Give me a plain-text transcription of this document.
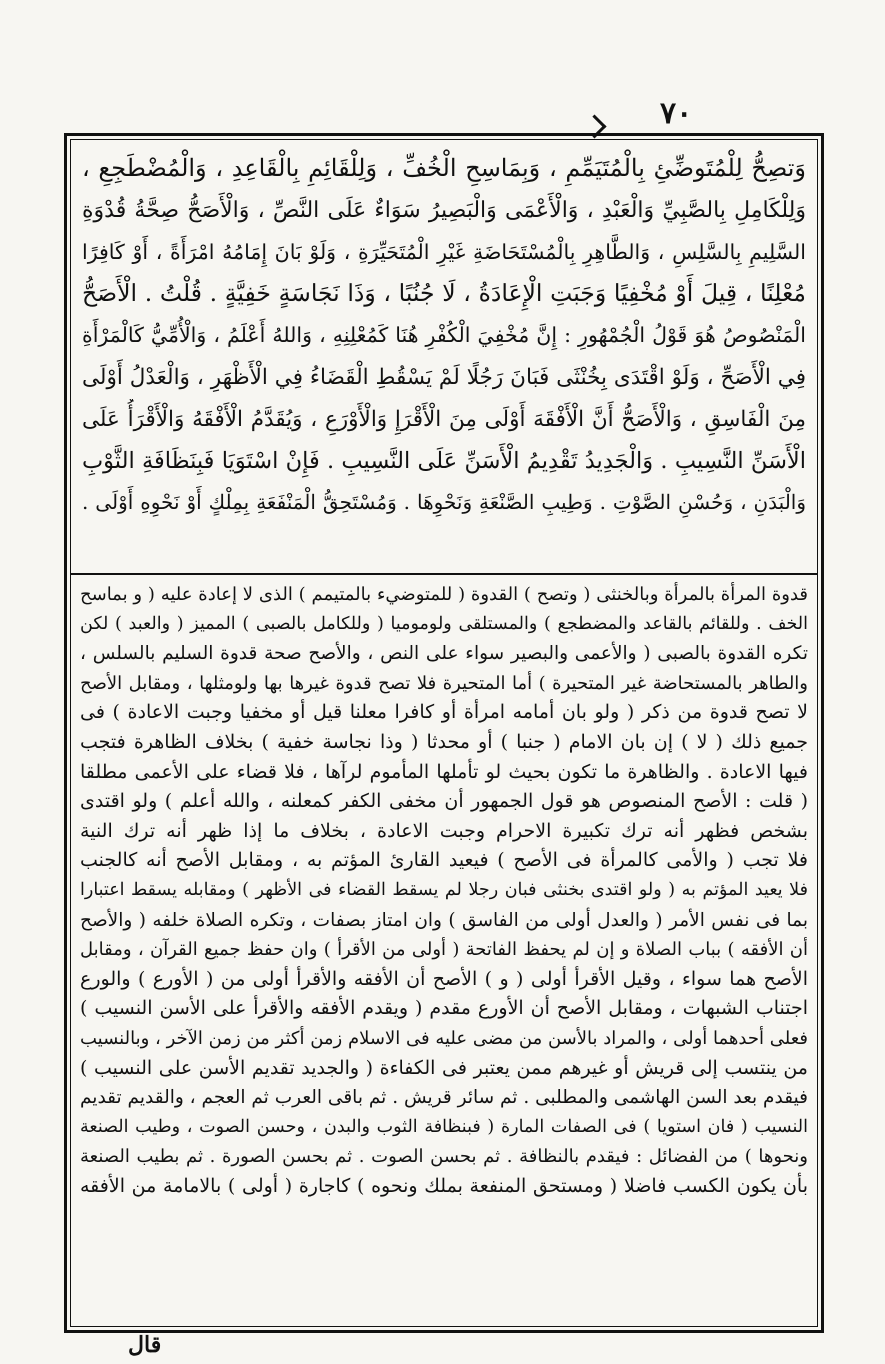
٧٠
وَتصِحُّ لِلْمُتَوضِّئِ بِالْمُتَيَمِّمِ ، وَبِمَاسِحِ الْخُفِّ ، وَلِلْقَائِمِ بِالْقَاعِدِ ، وَالْمُضْطَجِعِ ،
وَلِلْكَامِلِ بِالصَّبِيِّ وَالْعَبْدِ ، وَالْأَعْمَى وَالْبَصِيرُ سَوَاءٌ عَلَى النَّصِّ ، وَالْأَصَحُّ صِحَّةُ قُدْوَةِ
السَّلِيمِ بِالسَّلِسِ ، وَالطَّاهِرِ بِالْمُسْتَحَاضَةِ غَيْرِ الْمُتَحَيِّرَةِ ، وَلَوْ بَانَ إِمَامُهُ امْرَأَةً ، أَوْ كَافِرًا
مُعْلِنًا ، قِيلَ أَوْ مُخْفِيًا وَجَبَتِ الْإِعَادَةُ ، لَا جُنُبًا ، وَذَا نَجَاسَةٍ خَفِيَّةٍ . قُلْتُ . الْأَصَحُّ
الْمَنْصُوصُ هُوَ قَوْلُ الْجُمْهُورِ : إِنَّ مُخْفِيَ الْكُفْرِ هُنَا كَمُعْلِنِهِ ، وَاللهُ أَعْلَمُ ، وَالْأُمِّيُّ كَالْمَرْأَةِ
فِي الْأَصَحِّ ، وَلَوْ اقْتَدَى بِخُنْثَى فَبَانَ رَجُلًا لَمْ يَسْقُطِ الْقَضَاءُ فِي الْأَظْهَرِ ، وَالْعَدْلُ أَوْلَى
مِنَ الْفَاسِقِ ، وَالْأَصَحُّ أَنَّ الْأَفْقَهَ أَوْلَى مِنَ الْأَقْرَإِ وَالْأَوْرَعِ ، وَيُقَدَّمُ الْأَفْقَهُ وَالْأَقْرَأُ عَلَى
الْأَسَنِّ النَّسِيبِ . وَالْجَدِيدُ تَقْدِيمُ الْأَسَنِّ عَلَى النَّسِيبِ . فَإِنْ اسْتَوَيَا فَبِنَظَافَةِ الثَّوْبِ
وَالْبَدَنِ ، وَحُسْنِ الصَّوْتِ . وَطِيبِ الصَّنْعَةِ وَنَحْوِهَا . وَمُسْتَحِقُّ الْمَنْفَعَةِ بِمِلْكٍ أَوْ نَحْوِهِ أَوْلَى .
قدوة المرأة بالمرأة وبالخنثى ( وتصح ) القدوة ( للمتوضيء بالمتيمم ) الذى لا إعادة عليه ( و بماسح
الخف . وللقائم بالقاعد والمضطجع ) والمستلقى ولوموميا ( وللكامل بالصبى ) المميز ( والعبد ) لكن
تكره القدوة بالصبى ( والأعمى والبصير سواء على النص ، والأصح صحة قدوة السليم بالسلس ،
والطاهر بالمستحاضة غير المتحيرة ) أما المتحيرة فلا تصح قدوة غيرها بها ولومثلها ، ومقابل الأصح
لا تصح قدوة من ذكر ( ولو بان أمامه امرأة أو كافرا معلنا قيل أو مخفيا وجبت الاعادة ) فى
جميع ذلك ( لا ) إن بان الامام ( جنبا ) أو محدثا ( وذا نجاسة خفية ) بخلاف الظاهرة فتجب
فيها الاعادة . والظاهرة ما تكون بحيث لو تأملها المأموم لرآها ، فلا قضاء على الأعمى مطلقا
( قلت : الأصح المنصوص هو قول الجمهور أن مخفى الكفر كمعلنه ، والله أعلم ) ولو اقتدى
بشخص فظهر أنه ترك تكبيرة الاحرام وجبت الاعادة ، بخلاف ما إذا ظهر أنه ترك النية
فلا تجب ( والأمى كالمرأة فى الأصح ) فيعيد القارئ المؤتم به ، ومقابل الأصح أنه كالجنب
فلا يعيد المؤتم به ( ولو اقتدى بخنثى فبان رجلا لم يسقط القضاء فى الأظهر ) ومقابله يسقط اعتبارا
بما فى نفس الأمر ( والعدل أولى من الفاسق ) وان امتاز بصفات ، وتكره الصلاة خلفه ( والأصح
أن الأفقه ) بباب الصلاة و إن لم يحفظ الفاتحة ( أولى من الأقرأ ) وان حفظ جميع القرآن ، ومقابل
الأصح هما سواء ، وقيل الأقرأ أولى ( و ) الأصح أن الأفقه والأقرأ أولى من ( الأورع ) والورع
اجتناب الشبهات ، ومقابل الأصح أن الأورع مقدم ( ويقدم الأفقه والأقرأ على الأسن النسيب )
فعلى أحدهما أولى ، والمراد بالأسن من مضى عليه فى الاسلام زمن أكثر من زمن الآخر ، وبالنسيب
من ينتسب إلى قريش أو غيرهم ممن يعتبر فى الكفاءة ( والجديد تقديم الأسن على النسيب )
فيقدم بعد السن الهاشمى والمطلبى . ثم سائر قريش . ثم باقى العرب ثم العجم ، والقديم تقديم
النسيب ( فان استويا ) فى الصفات المارة ( فبنظافة الثوب والبدن ، وحسن الصوت ، وطيب الصنعة
ونحوها ) من الفضائل : فيقدم بالنظافة . ثم بحسن الصوت . ثم بحسن الصورة . ثم بطيب الصنعة
بأن يكون الكسب فاضلا ( ومستحق المنفعة بملك ونحوه ) كاجارة ( أولى ) بالامامة من الأفقه
قال
